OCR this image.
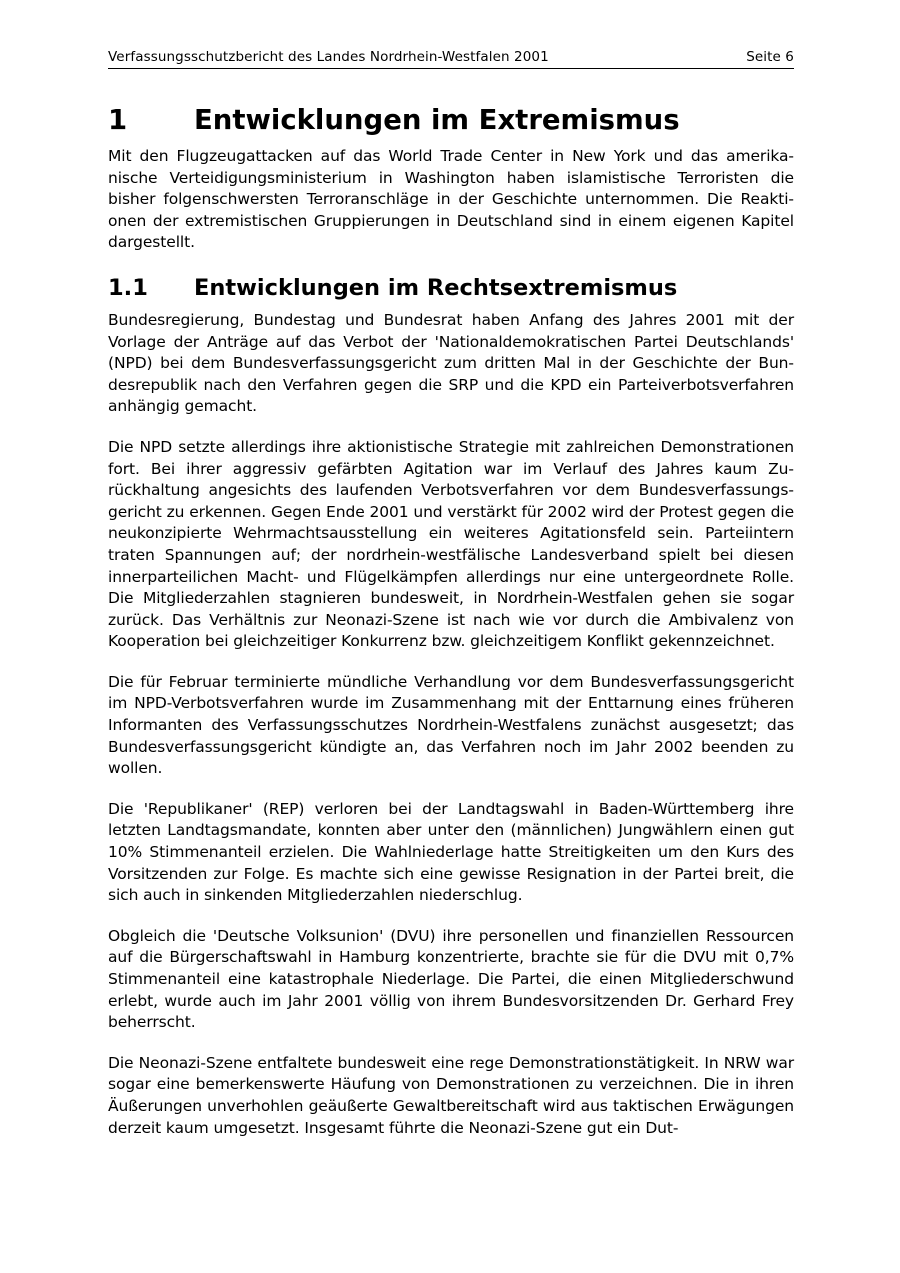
Verfassungsschutzbericht des Landes Nordrhein-Westfalen 2001	Seite 6
1	Entwicklungen im Extremismus

Mit den Flugzeugattacken auf das World Trade Center in New York und das amerikanische Verteidigungsministerium in Washington haben islamistische Terroristen die bisher folgenschwersten Terroranschläge in der Geschichte unternommen. Die Reaktionen der extremistischen Gruppierungen in Deutschland sind in einem eigenen Kapitel dargestellt.

1.1	Entwicklungen im Rechtsextremismus

Bundesregierung, Bundestag und Bundesrat haben Anfang des Jahres 2001 mit der Vorlage der Anträge auf das Verbot der 'Nationaldemokratischen Partei Deutschlands' (NPD) bei dem Bundesverfassungsgericht zum dritten Mal in der Geschichte der Bundesrepublik nach den Verfahren gegen die SRP und die KPD ein Parteiverbotsverfahren anhängig gemacht.

Die NPD setzte allerdings ihre aktionistische Strategie mit zahlreichen Demonstrationen fort. Bei ihrer aggressiv gefärbten Agitation war im Verlauf des Jahres kaum Zurückhaltung angesichts des laufenden Verbotsverfahren vor dem Bundesverfassungsgericht zu erkennen. Gegen Ende 2001 und verstärkt für 2002 wird der Protest gegen die neukonzipierte Wehrmachtsausstellung ein weiteres Agitationsfeld sein. Parteiintern traten Spannungen auf; der nordrhein-westfälische Landesverband spielt bei diesen innerparteilichen Macht- und Flügelkämpfen allerdings nur eine untergeordnete Rolle. Die Mitgliederzahlen stagnieren bundesweit, in Nordrhein-Westfalen gehen sie sogar zurück. Das Verhältnis zur Neonazi-Szene ist nach wie vor durch die Ambivalenz von Kooperation bei gleichzeitiger Konkurrenz bzw. gleichzeitigem Konflikt gekennzeichnet.

Die für Februar terminierte mündliche Verhandlung vor dem Bundesverfassungsgericht im NPD-Verbotsverfahren wurde im Zusammenhang mit der Enttarnung eines früheren Informanten des Verfassungsschutzes Nordrhein-Westfalens zunächst ausgesetzt; das Bundesverfassungsgericht kündigte an, das Verfahren noch im Jahr 2002 beenden zu wollen.

Die 'Republikaner' (REP) verloren bei der Landtagswahl in Baden-Württemberg ihre letzten Landtagsmandate, konnten aber unter den (männlichen) Jungwählern einen gut 10% Stimmenanteil erzielen. Die Wahlniederlage hatte Streitigkeiten um den Kurs des Vorsitzenden zur Folge. Es machte sich eine gewisse Resignation in der Partei breit, die sich auch in sinkenden Mitgliederzahlen niederschlug.

Obgleich die 'Deutsche Volksunion' (DVU) ihre personellen und finanziellen Ressourcen auf die Bürgerschaftswahl in Hamburg konzentrierte, brachte sie für die DVU mit 0,7% Stimmenanteil eine katastrophale Niederlage. Die Partei, die einen Mitgliederschwund erlebt, wurde auch im Jahr 2001 völlig von ihrem Bundesvorsitzenden Dr. Gerhard Frey beherrscht.

Die Neonazi-Szene entfaltete bundesweit eine rege Demonstrationstätigkeit. In NRW war sogar eine bemerkenswerte Häufung von Demonstrationen zu verzeichnen. Die in ihren Äußerungen unverhohlen geäußerte Gewaltbereitschaft wird aus taktischen Erwägungen derzeit kaum umgesetzt. Insgesamt führte die Neonazi-Szene gut ein Dut-
